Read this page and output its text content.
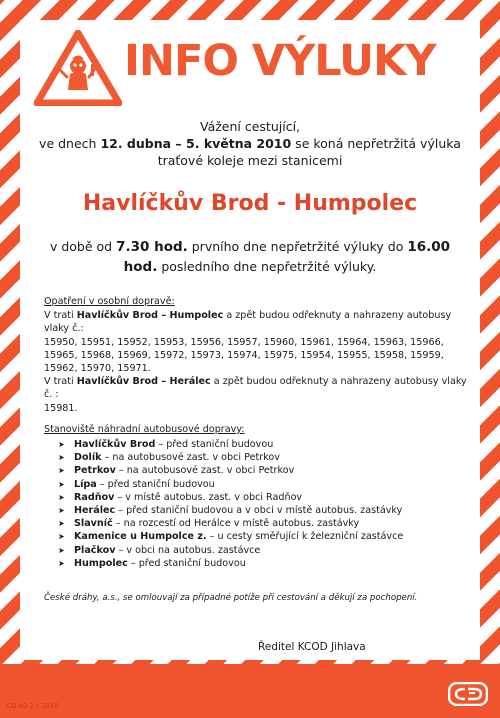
INFO VÝLUKY
Vážení cestující,
ve dnech 12. dubna – 5. května 2010 se koná nepřetržitá výluka
traťové koleje mezi stanicemi
Havlíčkův Brod - Humpolec
v době od 7.30 hod. prvního dne nepřetržité výluky do 16.00
hod. posledního dne nepřetržité výluky.
Opatření v osobní dopravě:

V trati Havlíčkův Brod – Humpolec a zpět budou odřeknuty a nahrazeny autobusy vlaky č.:

15950, 15951, 15952, 15953, 15956, 15957, 15960, 15961, 15964, 15963, 15966, 15965, 15968, 15969, 15972, 15973, 15974, 15975, 15954, 15955, 15958, 15959, 15962, 15970, 15971.

V trati Havlíčkův Brod – Herálec a zpět budou odřeknuty a nahrazeny autobusy vlaky č. :

15981.

Stanoviště náhradní autobusové dopravy:
➤ Havlíčkův Brod – před staniční budovou
➤ Dolík – na autobusové zast. v obci Petrkov
➤ Petrkov – na autobusové zast. v obci Petrkov
➤ Lípa – před staniční budovou
➤ Radňov – v místě autobus. zast. v obci Radňov
➤ Herálec – před staniční budovou a v obci v místě autobus. zastávky
➤ Slavníč – na rozcestí od Herálce v místě autobus. zastávky
➤ Kamenice u Humpolce z. – u cesty směřující k železniční zastávce
➤ Plačkov – v obci na autobus. zastávce
➤ Humpolec – před staniční budovou
České dráhy, a.s., se omlouvají za případné potíže při cestování a děkují za pochopení.
Ředitel KCOD Jihlava
CD 40 2 / 2010
